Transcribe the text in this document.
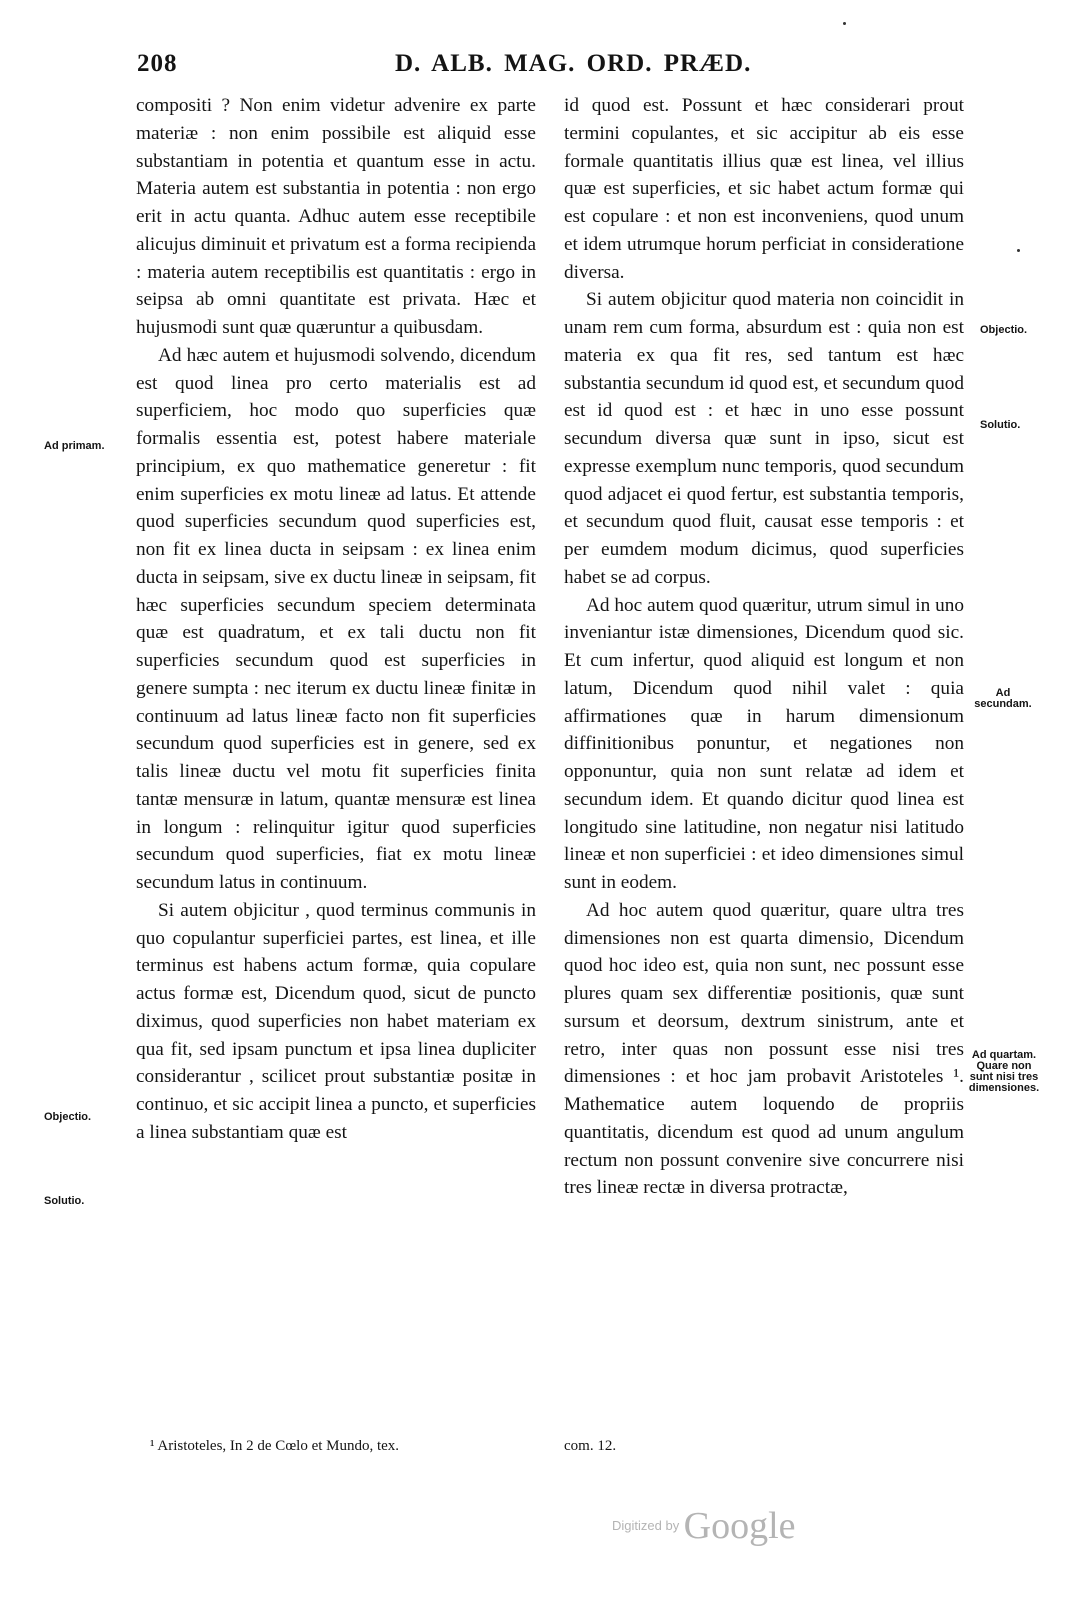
208	D. ALB. MAG. ORD. PRÆD.

compositi ? Non enim videtur advenire ex parte materiæ : non enim possibile est aliquid esse substantiam in potentia et quantum esse in actu. Materia autem est substantia in potentia : non ergo erit in actu quanta. Adhuc autem esse receptibile alicujus diminuit et privatum est a forma recipienda : materia autem receptibilis est quantitatis : ergo in seipsa ab omni quantitate est privata. Hæc et hujusmodi sunt quæ quæruntur a quibusdam.

Ad hæc autem et hujusmodi solvendo, dicendum est quod linea pro certo materialis est ad superficiem, hoc modo quo superficies quæ formalis essentia est, potest habere materiale principium, ex quo mathematice generetur : fit enim superficies ex motu lineæ ad latus. Et attende quod superficies secundum quod superficies est, non fit ex linea ducta in seipsam : ex linea enim ducta in seipsam, sive ex ductu lineæ in seipsam, fit hæc superficies secundum speciem determinata quæ est quadratum, et ex tali ductu non fit superficies secundum quod est superficies in genere sumpta : nec iterum ex ductu lineæ finitæ in continuum ad latus lineæ facto non fit superficies secundum quod superficies est in genere, sed ex talis lineæ ductu vel motu fit superficies finita tantæ mensuræ in latum, quantæ mensuræ est linea in longum : relinquitur igitur quod superficies secundum quod superficies, fiat ex motu lineæ secundum latus in continuum.

Si autem objicitur , quod terminus communis in quo copulantur superficiei partes, est linea, et ille terminus est habens actum formæ, quia copulare actus formæ est, Dicendum quod, sicut de puncto diximus, quod superficies non habet materiam ex qua fit, sed ipsam punctum et ipsa linea dupliciter considerantur , scilicet prout substantiæ positæ in continuo, et sic accipit linea a puncto, et superficies a linea substantiam quæ est

id quod est. Possunt et hæc considerari prout termini copulantes, et sic accipitur ab eis esse formale quantitatis illius quæ est linea, vel illius quæ est superficies, et sic habet actum formæ qui est copulare : et non est inconveniens, quod unum et idem utrumque horum perficiat in consideratione diversa.

Si autem objicitur quod materia non coincidit in unam rem cum forma, absurdum est : quia non est materia ex qua fit res, sed tantum est hæc substantia secundum id quod est, et secundum quod est id quod est : et hæc in uno esse possunt secundum diversa quæ sunt in ipso, sicut est expresse exemplum nunc temporis, quod secundum quod adjacet ei quod fertur, est substantia temporis, et secundum quod fluit, causat esse temporis : et per eumdem modum dicimus, quod superficies habet se ad corpus.

Ad hoc autem quod quæritur, utrum simul in uno inveniantur istæ dimensiones, Dicendum quod sic. Et cum infertur, quod aliquid est longum et non latum, Dicendum quod nihil valet : quia affirmationes quæ in harum dimensionum diffinitionibus ponuntur, et negationes non opponuntur, quia non sunt relatæ ad idem et secundum idem. Et quando dicitur quod linea est longitudo sine latitudine, non negatur nisi latitudo lineæ et non superficiei : et ideo dimensiones simul sunt in eodem.

Ad hoc autem quod quæritur, quare ultra tres dimensiones non est quarta dimensio, Dicendum quod hoc ideo est, quia non sunt, nec possunt esse plures quam sex differentiæ positionis, quæ sunt sursum et deorsum, dextrum sinistrum, ante et retro, inter quas non possunt esse nisi tres dimensiones : et hoc jam probavit Aristoteles ¹. Mathematice autem loquendo de propriis quantitatis, dicendum est quod ad unum angulum rectum non possunt convenire sive concurrere nisi tres lineæ rectæ in diversa protractæ,

Ad primam.
Objectio.
Solutio.
Objectio.
Solutio.
Ad secundam.
Ad quartam. Quare non sunt nisi tres dimensiones.
¹ Aristoteles, In 2 de Cœlo et Mundo, tex.	com. 12.
$^{Digitized by}$ Google
